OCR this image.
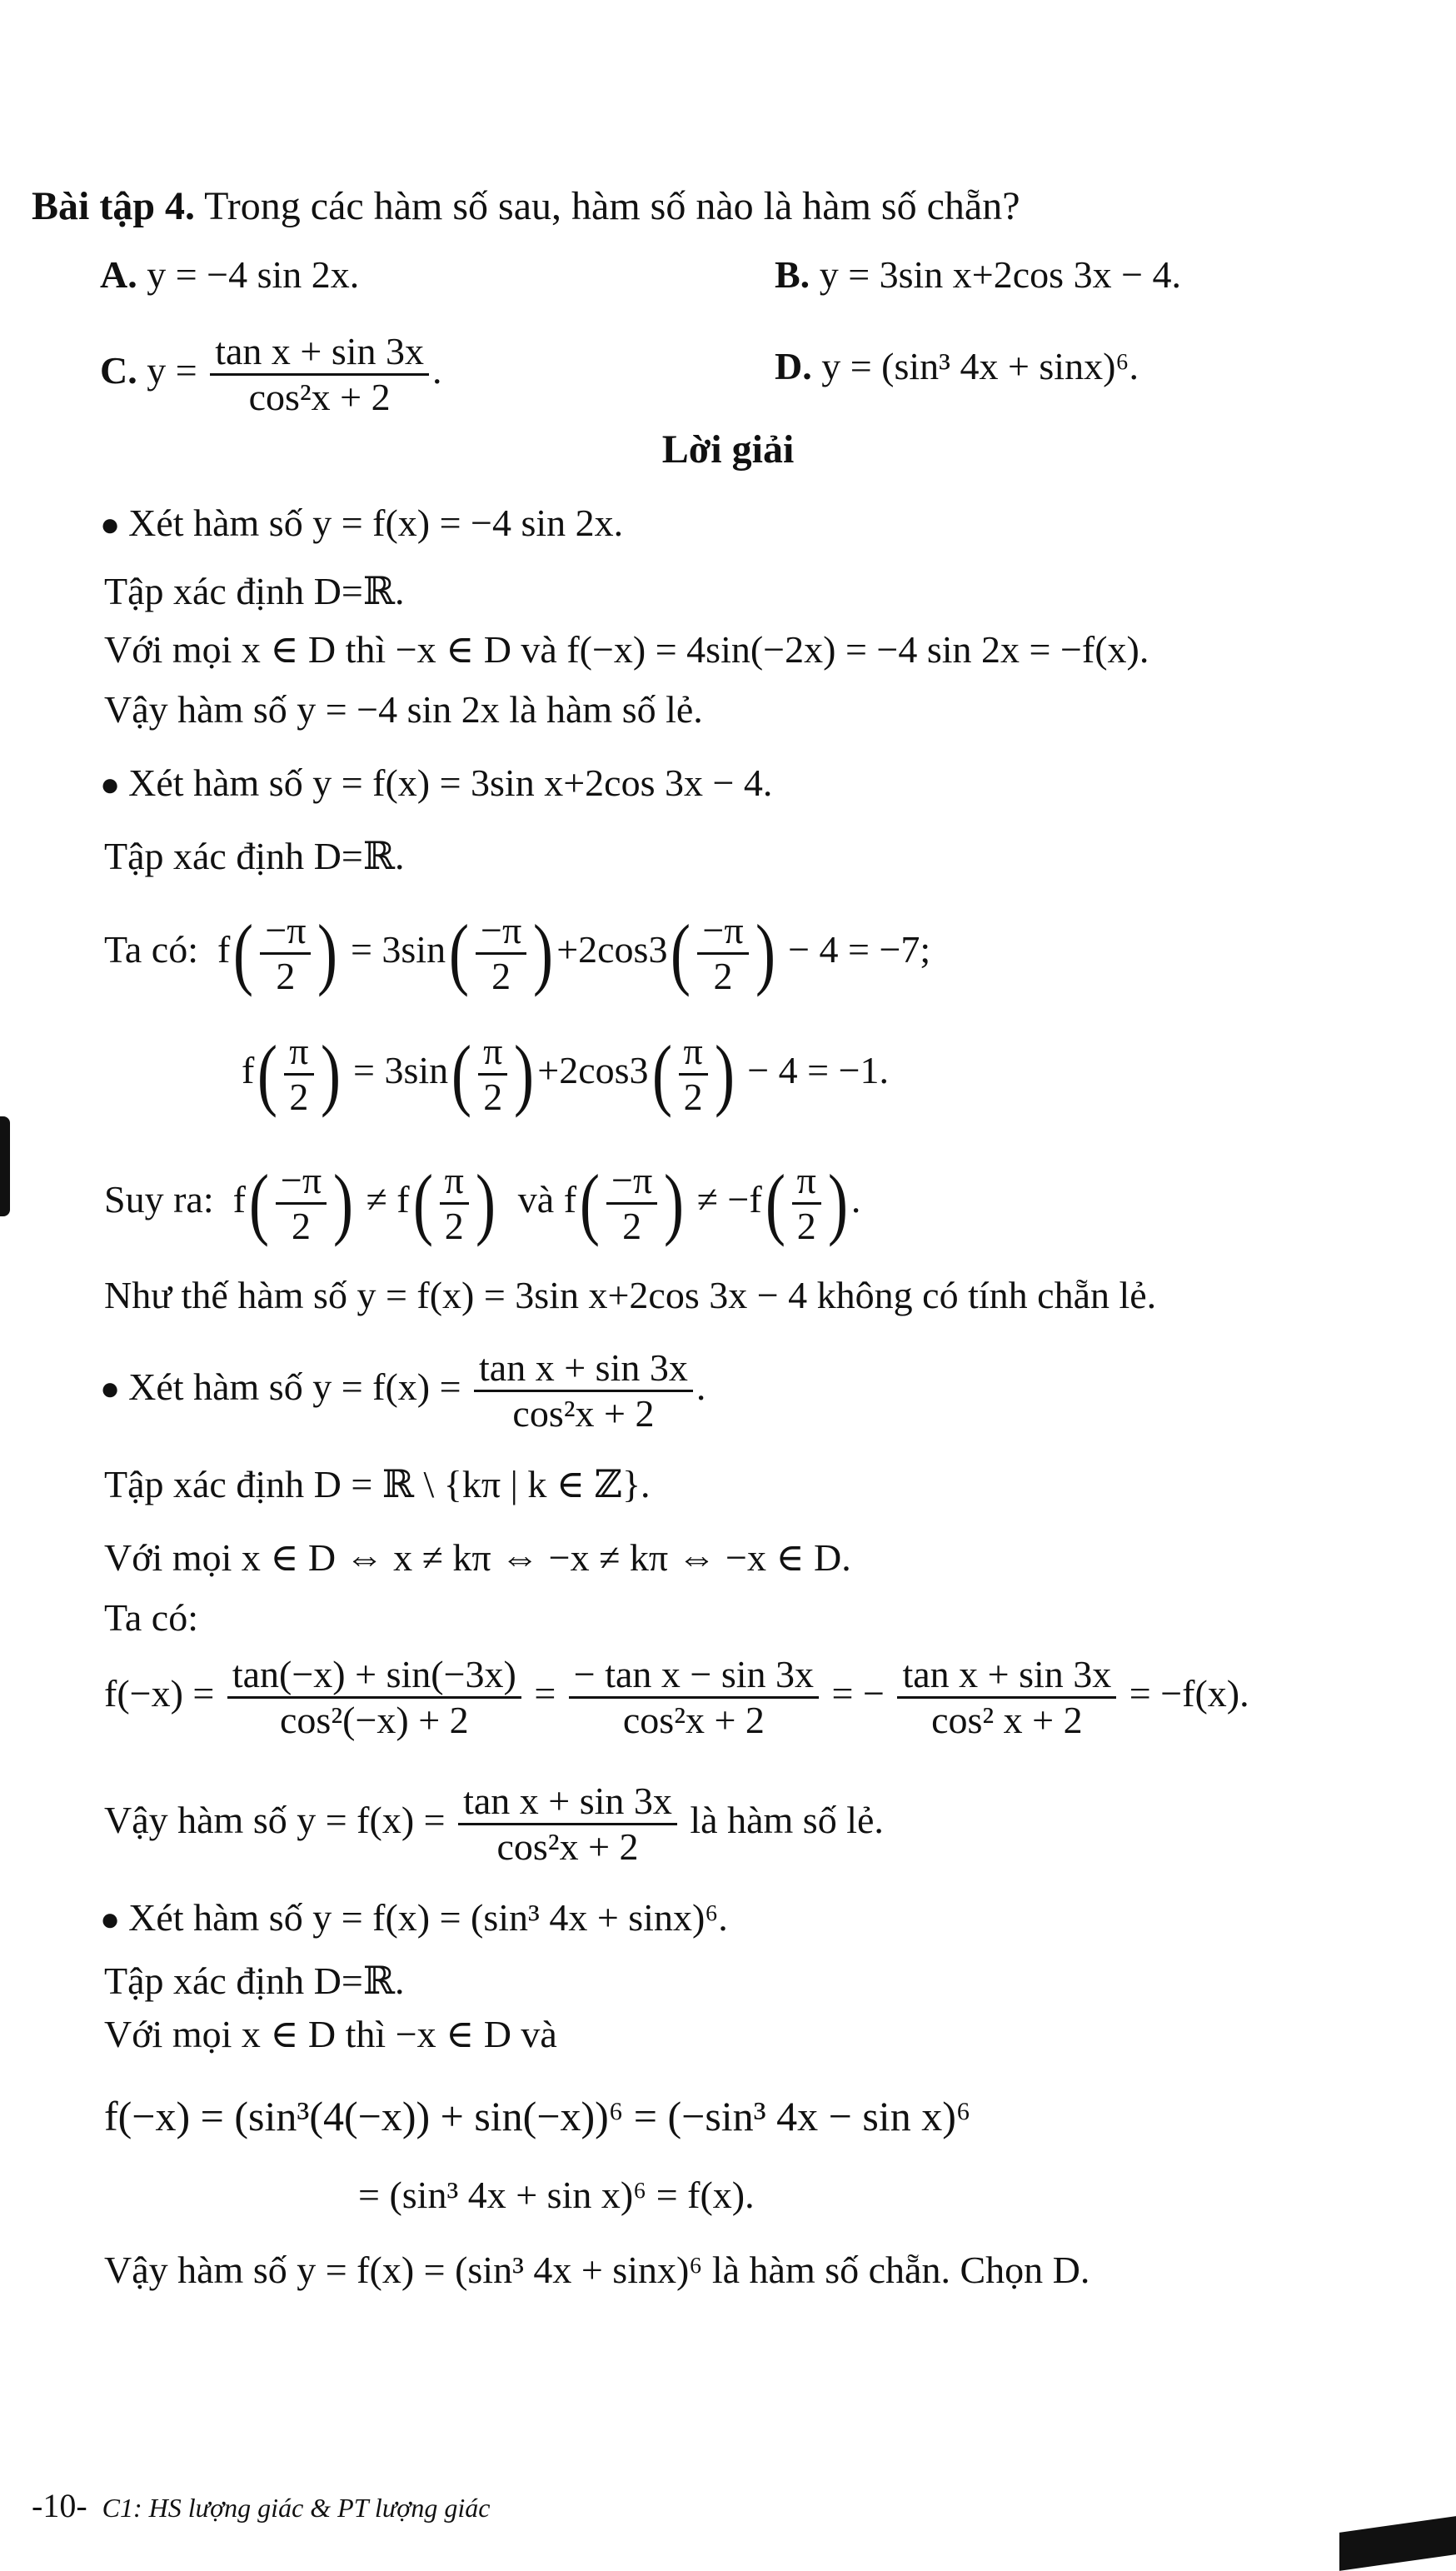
Bài tập 4. Trong các hàm số sau, hàm số nào là hàm số chẵn?
A. y = −4 sin 2x.	B. y = 3sin x+2cos 3x − 4.
C. $y = \frac{\text{tan x + sin 3x}}{\text{cos²x + 2}}$ .	D. y = (sin³ 4x + sinx)⁶.
Lời giải
● Xét hàm số y = f(x) = −4 sin 2x.
Tập xác định D=ℝ.
Với mọi x ∈ D thì −x ∈ D và f(−x) = 4sin(−2x) = −4 sin 2x = −f(x).
Vậy hàm số y = −4 sin 2x là hàm số lẻ.
● Xét hàm số y = f(x) = 3sin x+2cos 3x − 4.
Tập xác định D=ℝ.
Ta có: $f( \frac{-\pi}{2}$ ) = $3\sin( \frac{-\pi}{2} )+2\cos 3( \frac{-\pi}{2}$ ) − 4 = −7;
$f( \frac{\pi}{2}$ ) = $3\sin( \frac{\pi}{2} )+2\cos 3( \frac{\pi}{2}$ ) − 4 = −1.
Suy ra: $f( \frac{-\pi}{2}$ ) ≠ $f( \frac{\pi}{2}$ ) và $f( \frac{-\pi}{2}$ ) ≠ $-f( \frac{\pi}{2}$ ).
Như thế hàm số y = f(x) = 3sin x+2cos 3x − 4 không có tính chẵn lẻ.
● Xét hàm số $y = f(x) = \frac{\text{tan x + sin 3x}}{\text{cos²x + 2}}$ .
Tập xác định D = ℝ \ {kπ | k ∈ ℤ}.
Với mọi x ∈ D ⇔ x ≠ kπ ⇔ −x ≠ kπ ⇔ −x ∈ D.
Ta có:
$f(-x) = \frac{\tan(-x) + \sin(-3x)}{\text{cos²(−x) + 2}} = \frac{\text{− tan x − sin 3x}}{\text{cos²x + 2}}$ = − $\frac{\text{tan x + sin 3x}}{\text{cos² x + 2}} = -f(x)$.
Vậy hàm số $y = f(x) = \frac{\text{tan x + sin 3x}}{\text{cos²x + 2}}$ là hàm số lẻ.
● Xét hàm số y = f(x) = (sin³ 4x + sinx)⁶.
Tập xác định D=ℝ.
Với mọi x ∈ D thì −x ∈ D và
f(−x) = (sin³(4(−x)) + sin(−x))⁶ = (−sin³ 4x − sin x)⁶
= (sin³ 4x + sin x)⁶ = f(x).
Vậy hàm số y = f(x) = (sin³ 4x + sinx)⁶ là hàm số chẵn. Chọn D.
-10- C1: HS lượng giác & PT lượng giác
